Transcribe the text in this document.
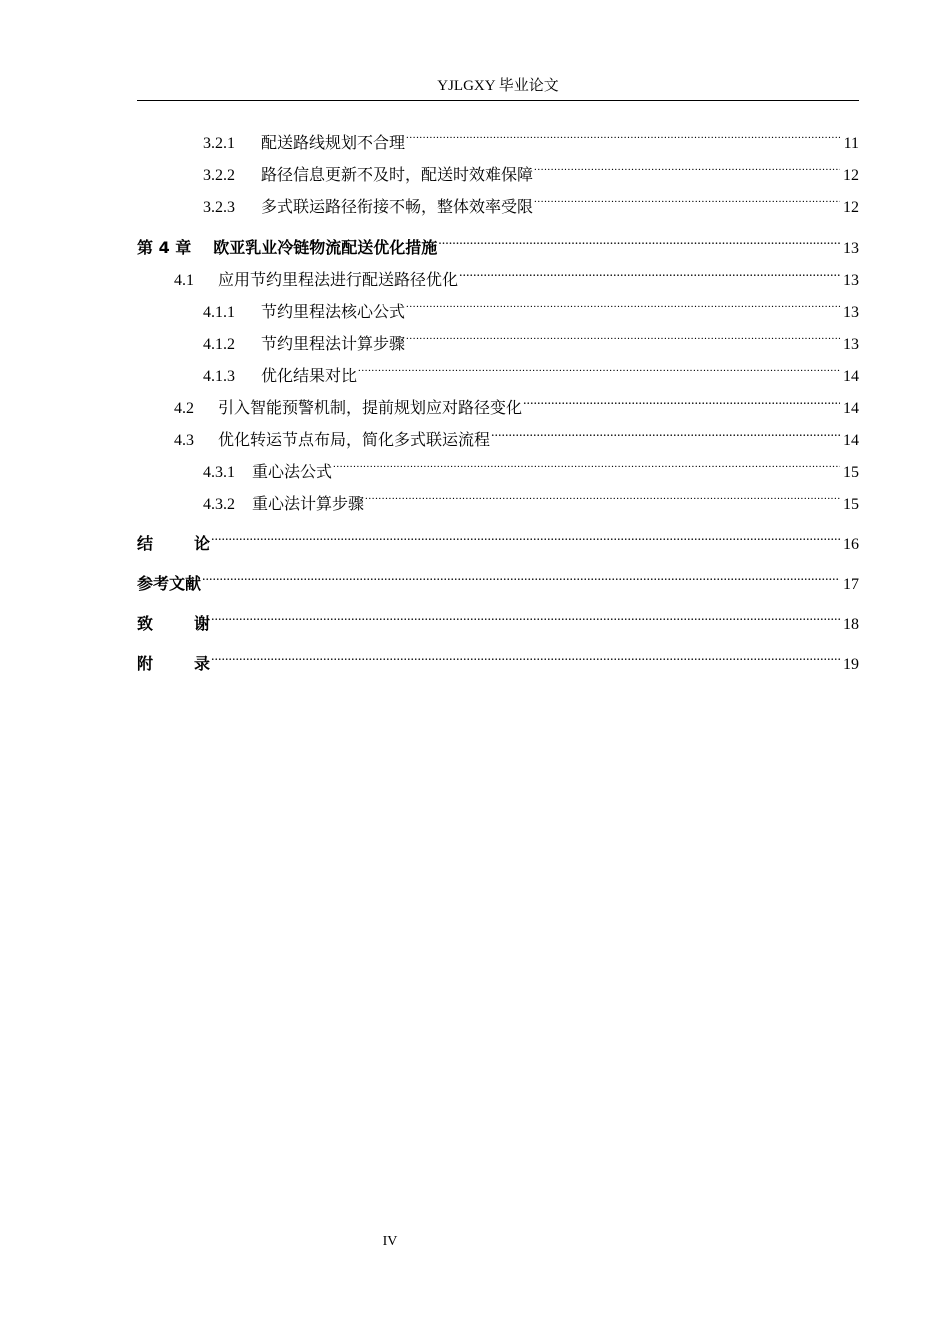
YJLGXY 毕业论文
3.2.1	配送路线规划不合理 .....	11
3.2.2	路径信息更新不及时，配送时效难保障 .....	12
3.2.3	多式联运路径衔接不畅，整体效率受限 .....	12
第 4 章 欧亚乳业冷链物流配送优化措施 .....	13
4.1	应用节约里程法进行配送路径优化 .....	13
4.1.1	节约里程法核心公式 .....	13
4.1.2	节约里程法计算步骤 .....	13
4.1.3	优化结果对比 .....	14
4.2	引入智能预警机制，提前规划应对路径变化 .....	14
4.3	优化转运节点布局，简化多式联运流程 .....	14
4.3.1	重心法公式 .....	15
4.3.2	重心法计算步骤 .....	15
结	论 .....	16
参考文献 .....	17
致	谢 .....	18
附	录 .....	19
IV
